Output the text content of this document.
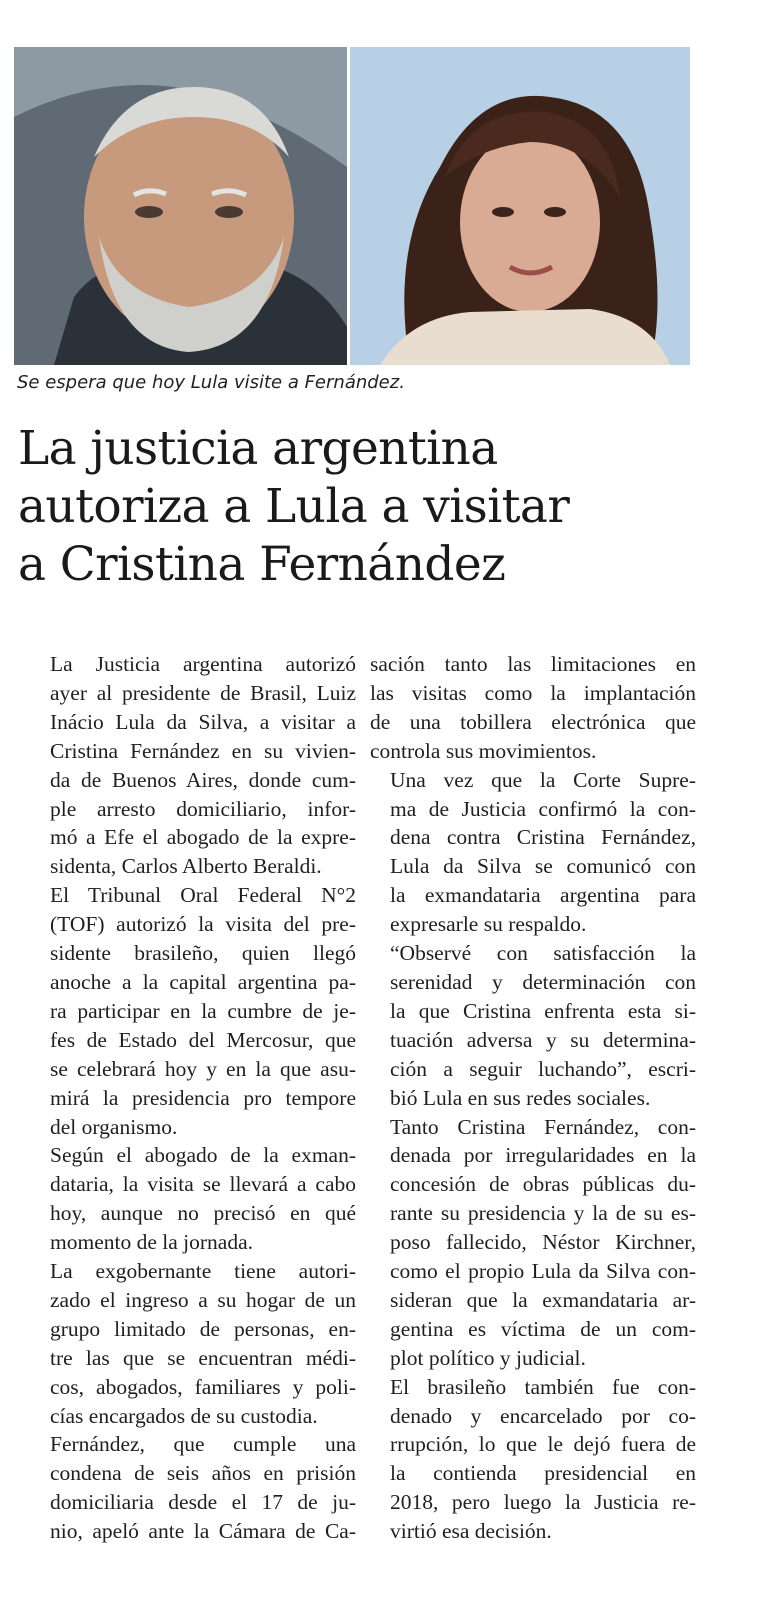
Se espera que hoy Lula visite a Fernández.
La justicia argentina
autoriza a Lula a visitar
a Cristina Fernández

La Justicia argentina autorizó
ayer al presidente de Brasil, Luiz
Inácio Lula da Silva, a visitar a
Cristina Fernández en su vivien-
da de Buenos Aires, donde cum-
ple arresto domiciliario, infor-
mó a Efe el abogado de la expre-
sidenta, Carlos Alberto Beraldi.

El Tribunal Oral Federal N°2
(TOF) autorizó la visita del pre-
sidente brasileño, quien llegó
anoche a la capital argentina pa-
ra participar en la cumbre de je-
fes de Estado del Mercosur, que
se celebrará hoy y en la que asu-
mirá la presidencia pro tempore
del organismo.

Según el abogado de la exman-
dataria, la visita se llevará a cabo
hoy, aunque no precisó en qué
momento de la jornada.

La exgobernante tiene autori-
zado el ingreso a su hogar de un
grupo limitado de personas, en-
tre las que se encuentran médi-
cos, abogados, familiares y poli-
cías encargados de su custodia.

Fernández, que cumple una
condena de seis años en prisión
domiciliaria desde el 17 de ju-
nio, apeló ante la Cámara de Ca-

sación tanto las limitaciones en
las visitas como la implantación
de una tobillera electrónica que
controla sus movimientos.

Una vez que la Corte Supre-
ma de Justicia confirmó la con-
dena contra Cristina Fernández,
Lula da Silva se comunicó con
la exmandataria argentina para
expresarle su respaldo.

“Observé con satisfacción la
serenidad y determinación con
la que Cristina enfrenta esta si-
tuación adversa y su determina-
ción a seguir luchando”, escri-
bió Lula en sus redes sociales.

Tanto Cristina Fernández, con-
denada por irregularidades en la
concesión de obras públicas du-
rante su presidencia y la de su es-
poso fallecido, Néstor Kirchner,
como el propio Lula da Silva con-
sideran que la exmandataria ar-
gentina es víctima de un com-
plot político y judicial.

El brasileño también fue con-
denado y encarcelado por co-
rrupción, lo que le dejó fuera de
la contienda presidencial en
2018, pero luego la Justicia re-
virtió esa decisión.
